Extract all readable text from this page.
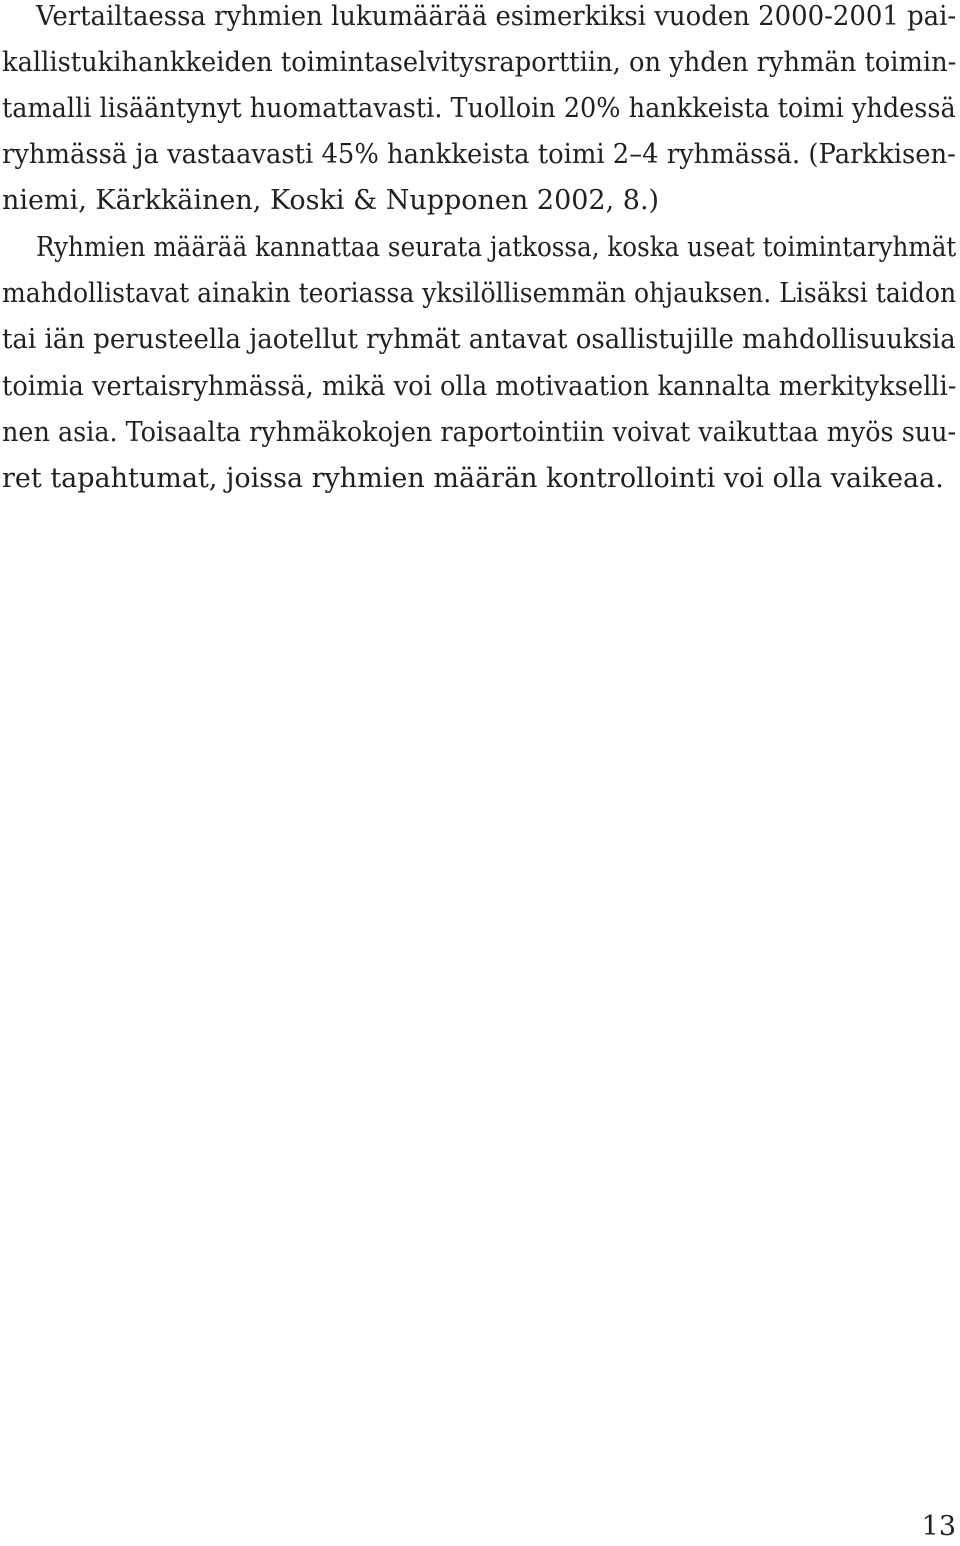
Vertailtaessa ryhmien lukumäärää esimerkiksi vuoden 2000-2001 pai-
kallistukihankkeiden toimintaselvitysraporttiin, on yhden ryhmän toimin-
tamalli lisääntynyt huomattavasti. Tuolloin 20% hankkeista toimi yhdessä
ryhmässä ja vastaavasti 45% hankkeista toimi 2–4 ryhmässä. (Parkkisen-
niemi, Kärkkäinen, Koski & Nupponen 2002, 8.)
Ryhmien määrää kannattaa seurata jatkossa, koska useat toimintaryhmät
mahdollistavat ainakin teoriassa yksilöllisemmän ohjauksen. Lisäksi taidon
tai iän perusteella jaotellut ryhmät antavat osallistujille mahdollisuuksia
toimia vertaisryhmässä, mikä voi olla motivaation kannalta merkitykselli-
nen asia. Toisaalta ryhmäkokojen raportointiin voivat vaikuttaa myös suu-
ret tapahtumat, joissa ryhmien määrän kontrollointi voi olla vaikeaa.
13
